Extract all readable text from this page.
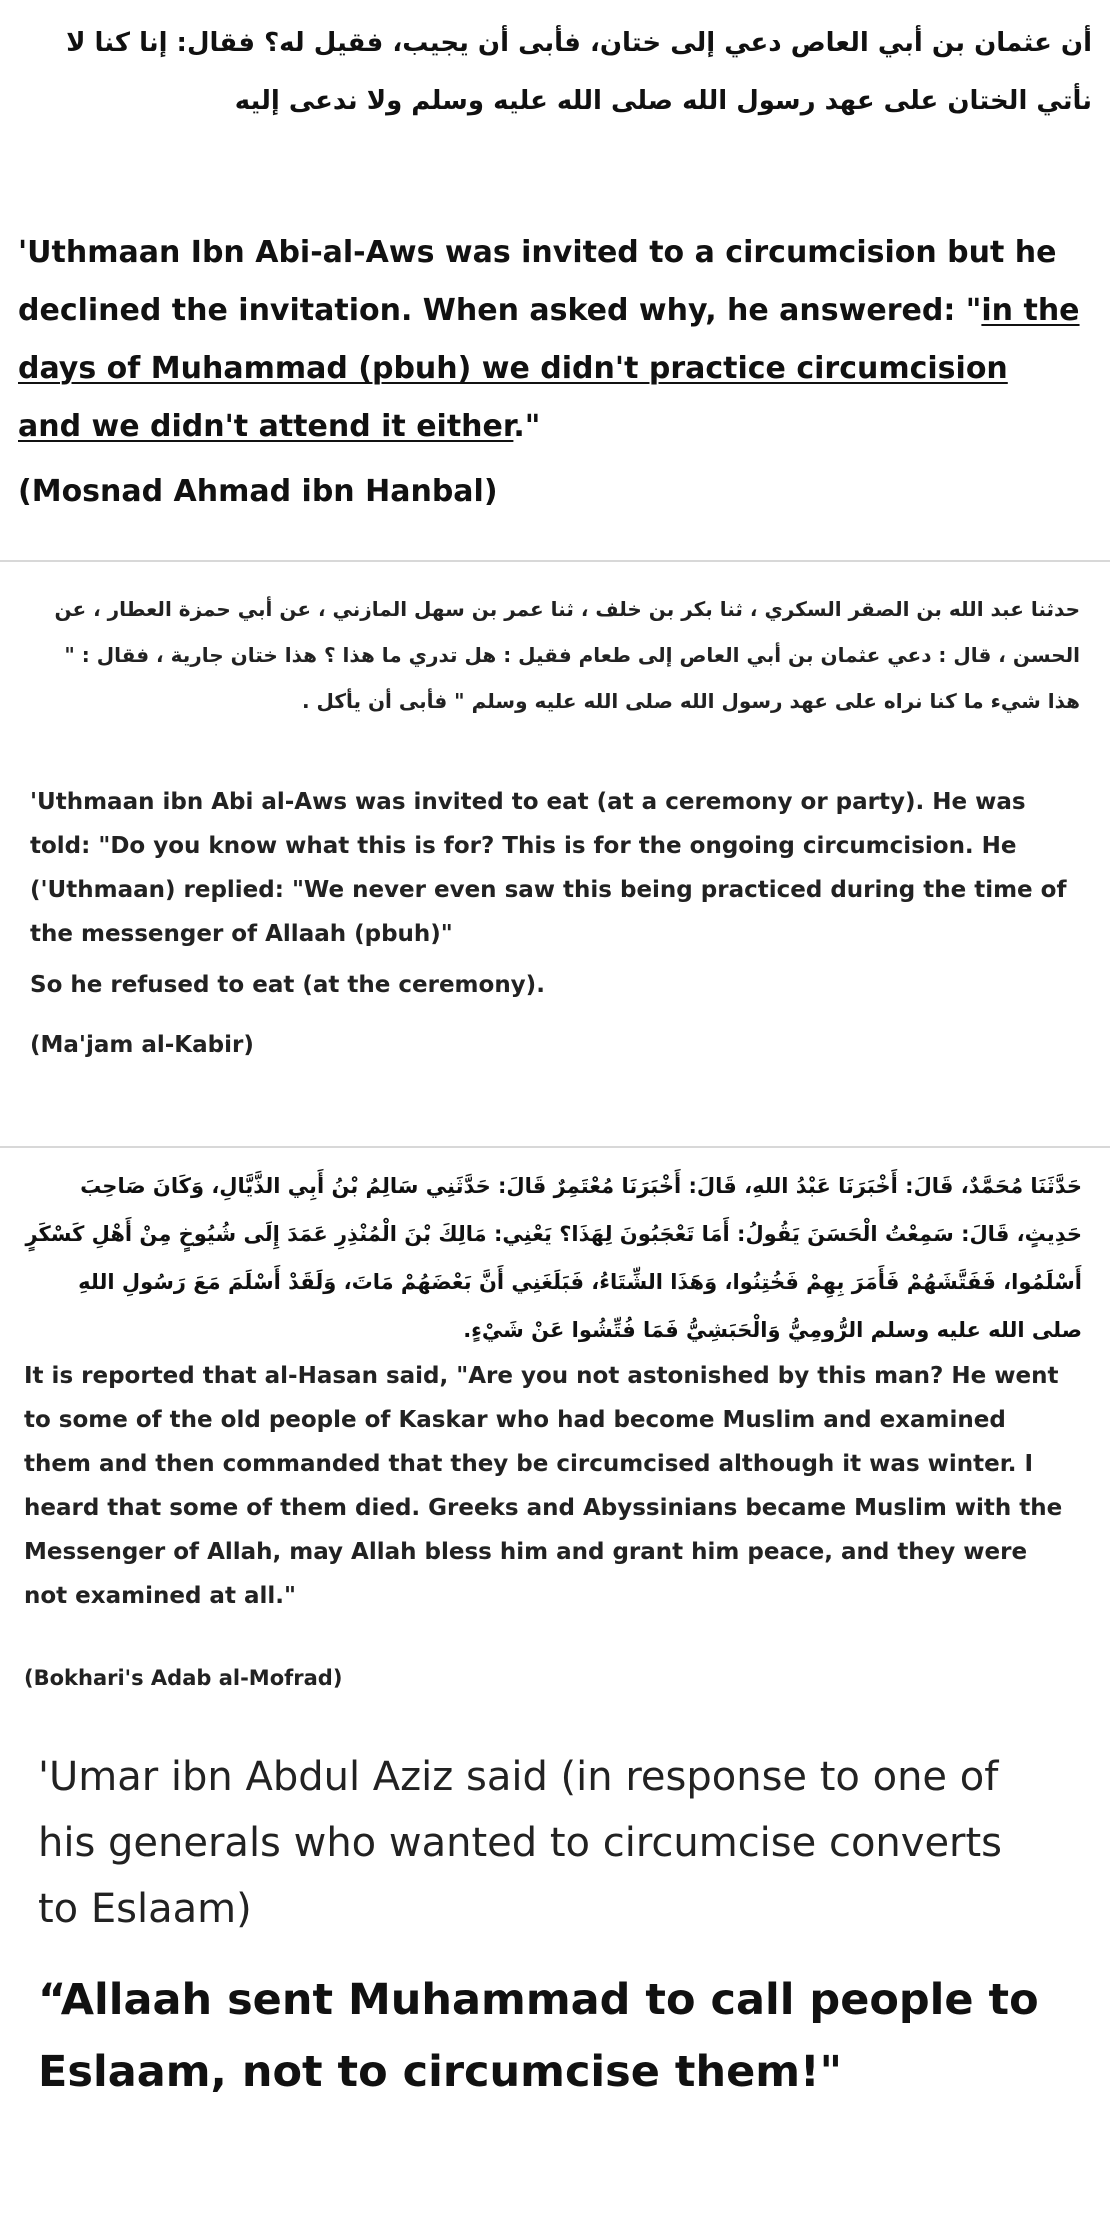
أن عثمان بن أبي العاص دعي إلى ختان، فأبى أن يجيب، فقيل له؟ فقال: إنا كنا لا نأتي الختان على عهد رسول الله صلى الله عليه وسلم ولا ندعى إليه
'Uthmaan Ibn Abi-al-Aws was invited to a circumcision but he declined the invitation. When asked why, he answered: "in the days of Muhammad (pbuh) we didn't practice circumcision and we didn't attend it either."
(Mosnad Ahmad ibn Hanbal)
حدثنا عبد الله بن الصقر السكري ، ثنا بكر بن خلف ، ثنا عمر بن سهل المازني ، عن أبي حمزة العطار ، عن الحسن ، قال : دعي عثمان بن أبي العاص إلى طعام فقيل : هل تدري ما هذا ؟ هذا ختان جارية ، فقال : " هذا شيء ما كنا نراه على عهد رسول الله صلى الله عليه وسلم " فأبى أن يأكل .
'Uthmaan ibn Abi al-Aws was invited to eat (at a ceremony or party). He was told: "Do you know what this is for? This is for the ongoing circumcision. He ('Uthmaan) replied: "We never even saw this being practiced during the time of the messenger of Allaah (pbuh)"
So he refused to eat (at the ceremony).
(Ma'jam al-Kabir)
حَدَّثَنَا مُحَمَّدٌ، قَالَ: أَخْبَرَنَا عَبْدُ اللهِ، قَالَ: أَخْبَرَنَا مُعْتَمِرٌ قَالَ: حَدَّثَنِي سَالِمُ بْنُ أَبِي الذَّيَّالِ، وَكَانَ صَاحِبَ حَدِيثٍ، قَالَ: سَمِعْتُ الْحَسَنَ يَقُولُ: أَمَا تَعْجَبُونَ لِهَذَا؟ يَعْنِي: مَالِكَ بْنَ الْمُنْذِرِ عَمَدَ إِلَى شُيُوخٍ مِنْ أَهْلِ كَسْكَرٍ أَسْلَمُوا، فَفَتَّشَهُمْ فَأَمَرَ بِهِمْ فَخُتِنُوا، وَهَذَا الشِّتَاءُ، فَبَلَغَنِي أَنَّ بَعْضَهُمْ مَاتَ، وَلَقَدْ أَسْلَمَ مَعَ رَسُولِ اللهِ صلى الله عليه وسلم الرُّومِيُّ وَالْحَبَشِيُّ فَمَا فُتِّشُوا عَنْ شَيْءٍ.
It is reported that al-Hasan said, "Are you not astonished by this man? He went to some of the old people of Kaskar who had become Muslim and examined them and then commanded that they be circumcised although it was winter. I heard that some of them died. Greeks and Abyssinians became Muslim with the Messenger of Allah, may Allah bless him and grant him peace, and they were not examined at all."
(Bokhari's Adab al-Mofrad)
'Umar ibn Abdul Aziz said (in response to one of his generals who wanted to circumcise converts to Eslaam)
“Allaah sent Muhammad to call people to Eslaam, not to circumcise them!"
